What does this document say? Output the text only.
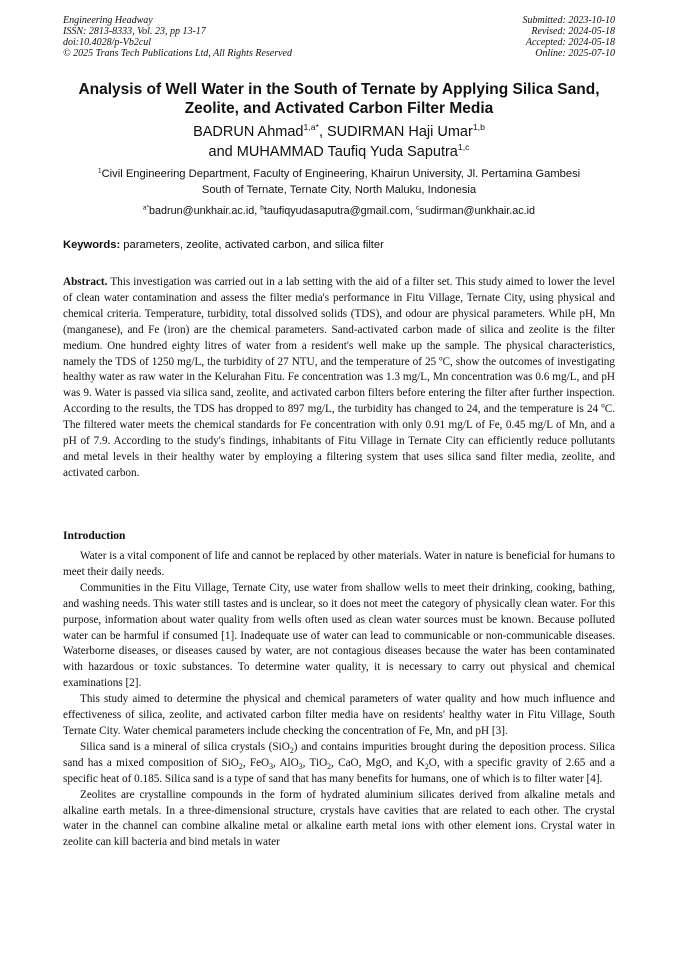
Engineering Headway
ISSN: 2813-8333, Vol. 23, pp 13-17
doi:10.4028/p-Vb2cul
© 2025 Trans Tech Publications Ltd, All Rights Reserved
Submitted: 2023-10-10
Revised: 2024-05-18
Accepted: 2024-05-18
Online: 2025-07-10
Analysis of Well Water in the South of Ternate by Applying Silica Sand,
Zeolite, and Activated Carbon Filter Media
BADRUN Ahmad$^{1,a*}$, SUDIRMAN Haji Umar$^{1,b}$
and MUHAMMAD Taufiq Yuda Saputra$^{1,c}$
$^1$Civil Engineering Department, Faculty of Engineering, Khairun University, Jl. Pertamina Gambesi
South of Ternate, Ternate City, North Maluku, Indonesia
$^{a*}$badrun@unkhair.ac.id, $^b$taufiqyudasaputra@gmail.com, $^c$sudirman@unkhair.ac.id
Keywords: parameters, zeolite, activated carbon, and silica filter

Abstract. This investigation was carried out in a lab setting with the aid of a filter set. This study aimed to lower the level of clean water contamination and assess the filter media's performance in Fitu Village, Ternate City, using physical and chemical criteria. Temperature, turbidity, total dissolved solids (TDS), and odour are physical parameters. While pH, Mn (manganese), and Fe (iron) are the chemical parameters. Sand-activated carbon made of silica and zeolite is the filter medium. One hundred eighty litres of water from a resident's well make up the sample. The physical characteristics, namely the TDS of 1250 mg/L, the turbidity of 27 NTU, and the temperature of 25 ºC, show the outcomes of investigating healthy water as raw water in the Kelurahan Fitu. Fe concentration was 1.3 mg/L, Mn concentration was 0.6 mg/L, and pH was 9. Water is passed via silica sand, zeolite, and activated carbon filters before entering the filter after further inspection. According to the results, the TDS has dropped to 897 mg/L, the turbidity has changed to 24, and the temperature is 24 ºC. The filtered water meets the chemical standards for Fe concentration with only 0.91 mg/L of Fe, 0.45 mg/L of Mn, and a pH of 7.9. According to the study's findings, inhabitants of Fitu Village in Ternate City can efficiently reduce pollutants and metal levels in their healthy water by employing a filtering system that uses silica sand filter media, zeolite, and activated carbon.

Introduction

Water is a vital component of life and cannot be replaced by other materials. Water in nature is beneficial for humans to meet their daily needs.

Communities in the Fitu Village, Ternate City, use water from shallow wells to meet their drinking, cooking, bathing, and washing needs. This water still tastes and is unclear, so it does not meet the category of physically clean water. For this purpose, information about water quality from wells often used as clean water sources must be known. Because polluted water can be harmful if consumed [1]. Inadequate use of water can lead to communicable or non-communicable diseases. Waterborne diseases, or diseases caused by water, are not contagious diseases because the water has been contaminated with hazardous or toxic substances. To determine water quality, it is necessary to carry out physical and chemical examinations [2].

This study aimed to determine the physical and chemical parameters of water quality and how much influence and effectiveness of silica, zeolite, and activated carbon filter media have on residents' healthy water in Fitu Village, South Ternate City. Water chemical parameters include checking the concentration of Fe, Mn, and pH [3].

Silica sand is a mineral of silica crystals (SiO$_2$) and contains impurities brought during the deposition process. Silica sand has a mixed composition of SiO$_2$, FeO$_3$, AlO$_3$, TiO$_2$, CaO, MgO, and $K_2O$, with a specific gravity of 2.65 and a specific heat of 0.185. Silica sand is a type of sand that has many benefits for humans, one of which is to filter water [4].

Zeolites are crystalline compounds in the form of hydrated aluminium silicates derived from alkaline metals and alkaline earth metals. In a three-dimensional structure, crystals have cavities that are related to each other. The crystal water in the channel can combine alkaline metal or alkaline earth metal ions with other element ions. Crystal water in zeolite can kill bacteria and bind metals in water
